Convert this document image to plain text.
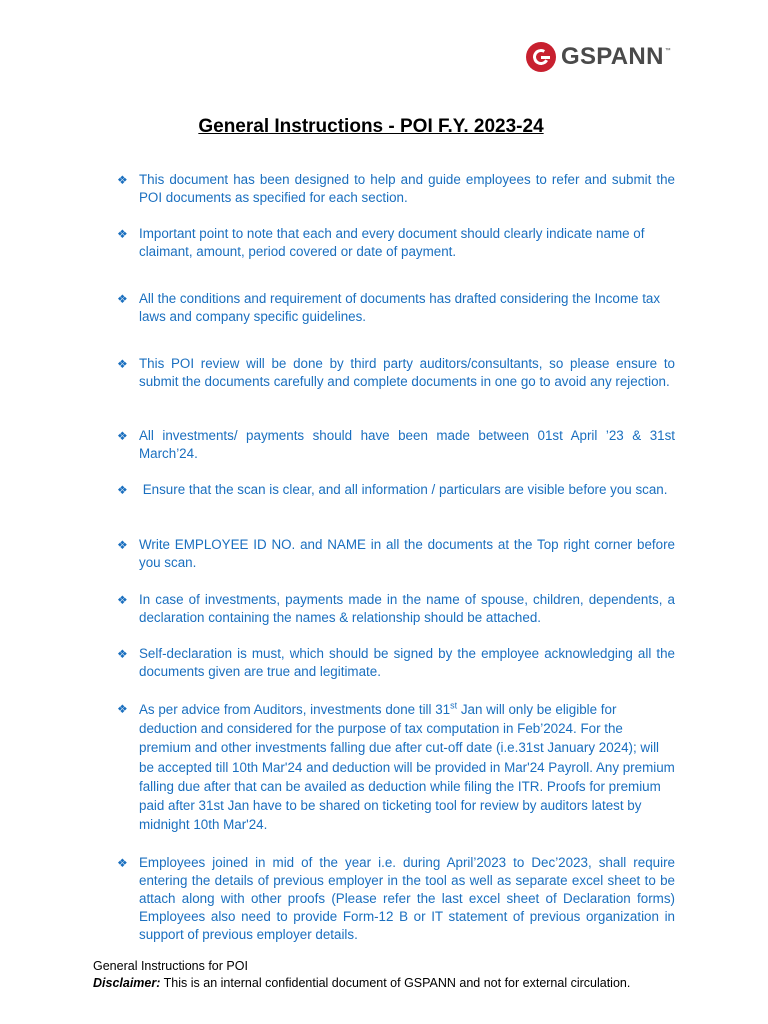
GSPANN ™
General Instructions - POI F.Y. 2023-24
❖ This document has been designed to help and guide employees to refer and submit the POI documents as specified for each section.
❖ Important point to note that each and every document should clearly indicate name of claimant, amount, period covered or date of payment.
❖ All the conditions and requirement of documents has drafted considering the Income tax laws and company specific guidelines.
❖ This POI review will be done by third party auditors/consultants, so please ensure to submit the documents carefully and complete documents in one go to avoid any rejection.
❖ All investments/ payments should have been made between 01st April ’23 & 31st March’24.
❖ Ensure that the scan is clear, and all information / particulars are visible before you scan.
❖ Write EMPLOYEE ID NO. and NAME in all the documents at the Top right corner before you scan.
❖ In case of investments, payments made in the name of spouse, children, dependents, a declaration containing the names & relationship should be attached.
❖ Self-declaration is must, which should be signed by the employee acknowledging all the documents given are true and legitimate.
❖ As per advice from Auditors, investments done till 31st Jan will only be eligible for deduction and considered for the purpose of tax computation in Feb’2024. For the premium and other investments falling due after cut-off date (i.e.31st January 2024); will be accepted till 10th Mar'24 and deduction will be provided in Mar'24 Payroll. Any premium falling due after that can be availed as deduction while filing the ITR. Proofs for premium paid after 31st Jan have to be shared on ticketing tool for review by auditors latest by midnight 10th Mar'24.
❖ Employees joined in mid of the year i.e. during April’2023 to Dec’2023, shall require entering the details of previous employer in the tool as well as separate excel sheet to be attach along with other proofs (Please refer the last excel sheet of Declaration forms) Employees also need to provide Form-12 B or IT statement of previous organization in support of previous employer details.
General Instructions for POI
Disclaimer: This is an internal confidential document of GSPANN and not for external circulation.
